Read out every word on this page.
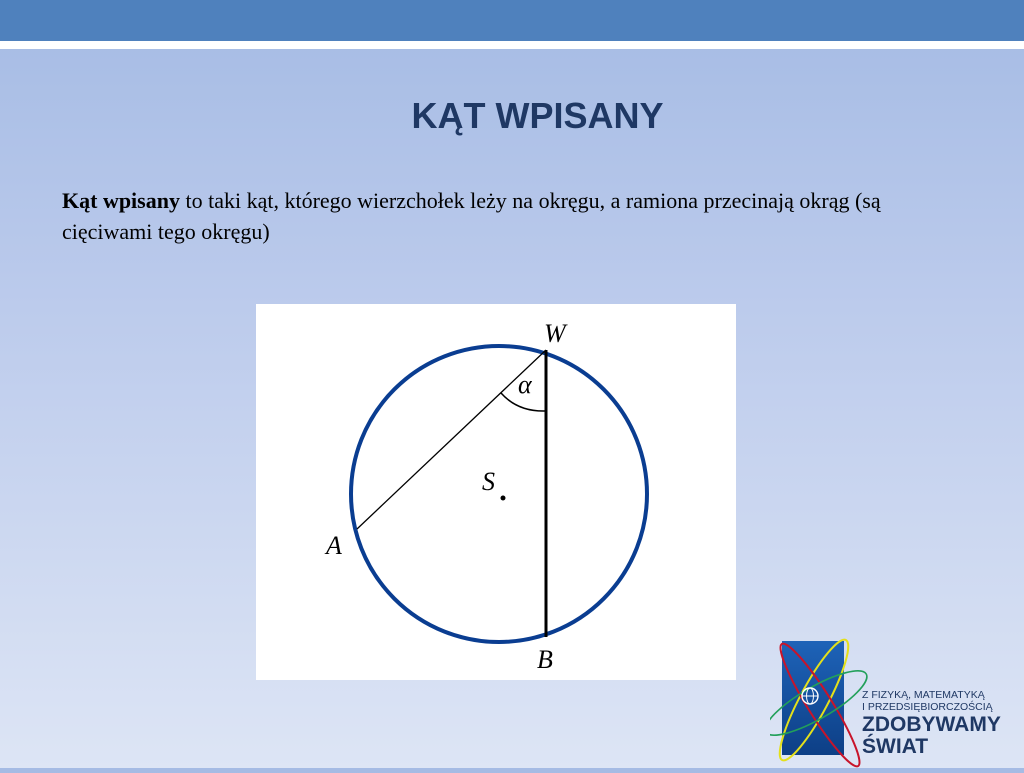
KĄT WPISANY
Kąt wpisany to taki kąt, którego wierzchołek leży na okręgu, a ramiona przecinają okrąg (są cięciwami tego okręgu)
W
A
B
S
α
Z FIZYKĄ, MATEMATYKĄ
I PRZEDSIĘBIORCZOŚCIĄ
ZDOBYWAMY
ŚWIAT
